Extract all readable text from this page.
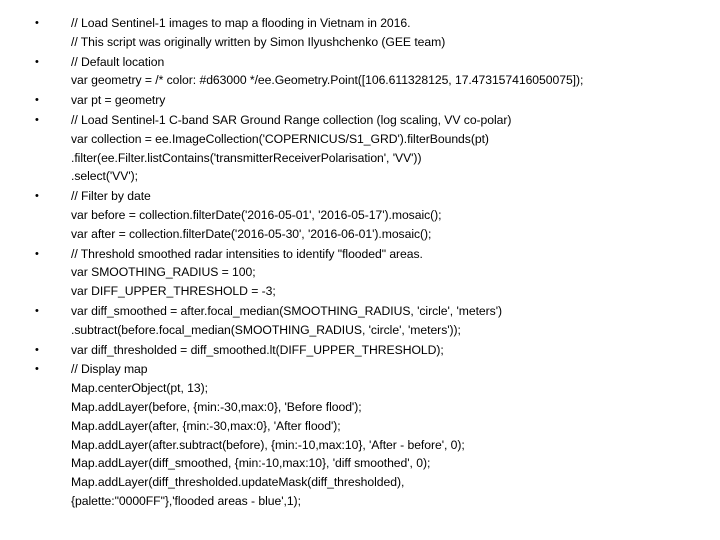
•	// Load Sentinel-1 images to map a flooding in Vietnam in 2016.
// This script was originally written by Simon Ilyushchenko (GEE team)
•	// Default location
var geometry = /* color: #d63000 */ee.Geometry.Point([106.611328125, 17.473157416050075]);
•	var pt = geometry
•	// Load Sentinel-1 C-band SAR Ground Range collection (log scaling, VV co-polar)
var collection = ee.ImageCollection('COPERNICUS/S1_GRD').filterBounds(pt)
.filter(ee.Filter.listContains('transmitterReceiverPolarisation', 'VV'))
.select('VV');
•	// Filter by date
var before = collection.filterDate('2016-05-01', '2016-05-17').mosaic();
var after = collection.filterDate('2016-05-30', '2016-06-01').mosaic();
•	// Threshold smoothed radar intensities to identify "flooded" areas.
var SMOOTHING_RADIUS = 100;
var DIFF_UPPER_THRESHOLD = -3;
•	var diff_smoothed = after.focal_median(SMOOTHING_RADIUS, 'circle', 'meters')
.subtract(before.focal_median(SMOOTHING_RADIUS, 'circle', 'meters'));
•	var diff_thresholded = diff_smoothed.lt(DIFF_UPPER_THRESHOLD);
•	// Display map
Map.centerObject(pt, 13);
Map.addLayer(before, {min:-30,max:0}, 'Before flood');
Map.addLayer(after, {min:-30,max:0}, 'After flood');
Map.addLayer(after.subtract(before), {min:-10,max:10}, 'After - before', 0);
Map.addLayer(diff_smoothed, {min:-10,max:10}, 'diff smoothed', 0);
Map.addLayer(diff_thresholded.updateMask(diff_thresholded),
{palette:"0000FF"},'flooded areas - blue',1);
